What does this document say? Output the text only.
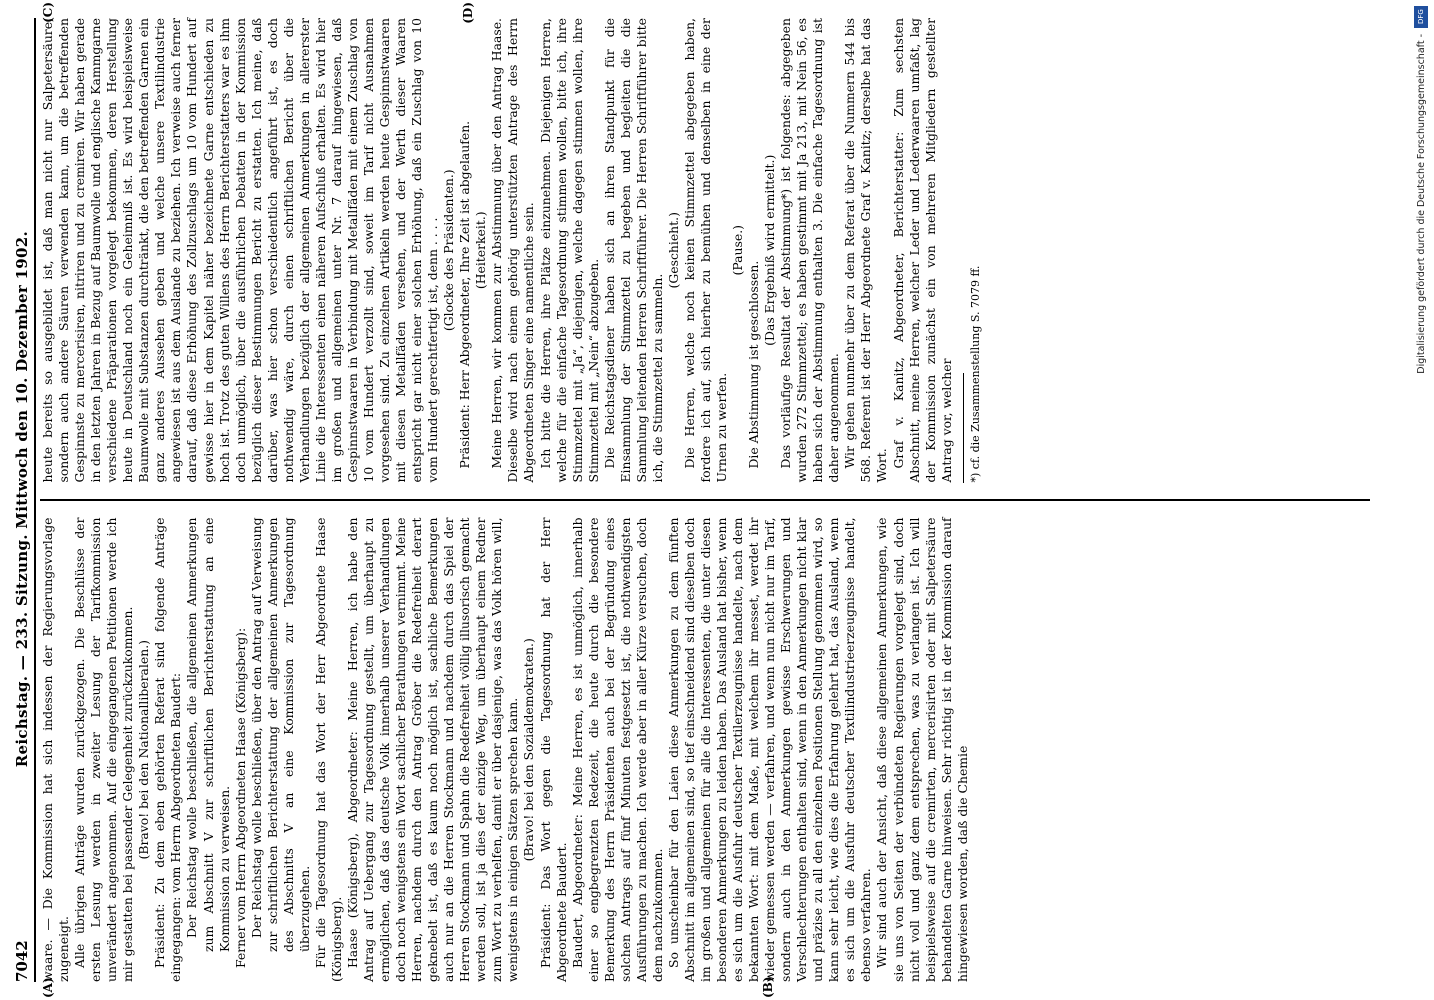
7042
Reichstag. — 233. Sitzung. Mittwoch den 10. Dezember 1902.
(A)	(B)

waare. — Die Kommission hat sich indessen der Regierungsvorlage zugeneigt. Alle übrigen Anträge wurden zurückgezogen. Die Beschlüsse der ersten Lesung werden in zweiter Lesung der Tarifkommission unverändert angenommen. Auf die eingegangenen Petitionen werde ich mir gestatten bei passender Gelegenheit zurückzukommen. (Bravo! bei den Nationalliberalen.) Präsident: Zu dem eben gehörten Referat sind folgende Anträge eingegangen: vom Herrn Abgeordneten Baudert: Der Reichstag wolle beschließen, die allgemeinen Anmerkungen zum Abschnitt V zur schriftlichen Berichterstattung an eine Kommission zu verweisen. Ferner vom Herrn Abgeordneten Haase (Königsberg): Der Reichstag wolle beschließen, über den Antrag auf Verweisung zur schriftlichen Berichterstattung der allgemeinen Anmerkungen des Abschnitts V an eine Kommission zur Tagesordnung überzugehen. Für die Tagesordnung hat das Wort der Herr Abgeordnete Haase (Königsberg). Haase (Königsberg), Abgeordneter: Meine Herren, ich habe den Antrag auf Uebergang zur Tagesordnung gestellt, um überhaupt zu ermöglichen, daß das deutsche Volk innerhalb unserer Verhandlungen doch noch wenigstens ein Wort sachlicher Berathungen vernimmt. Meine Herren, nachdem durch den Antrag Gröber die Redefreiheit derart geknebelt ist, daß es kaum noch möglich ist, sachliche Bemerkungen auch nur an die Herren Stockmann und nachdem durch das Spiel der Herren Stockmann und Spahn die Redefreiheit völlig illusorisch gemacht werden soll, ist ja dies der einzige Weg, um überhaupt einem Redner zum Wort zu verhelfen, damit er über dasjenige, was das Volk hören will, wenigstens in einigen Sätzen sprechen kann. (Bravo! bei den Sozialdemokraten.) Präsident: Das Wort gegen die Tagesordnung hat der Herr Abgeordnete Baudert. Baudert, Abgeordneter: Meine Herren, es ist unmöglich, innerhalb einer so engbegrenzten Redezeit, die heute durch die besondere Bemerkung des Herrn Präsidenten auch bei der Begründung eines solchen Antrags auf fünf Minuten festgesetzt ist, die nothwendigsten Ausführungen zu machen. Ich werde aber in aller Kürze versuchen, doch dem nachzukommen. So unscheinbar für den Laien diese Anmerkungen zu dem fünften Abschnitt im allgemeinen sind, so tief einschneidend sind dieselben doch im großen und allgemeinen für alle die Interessenten, die unter diesen besonderen Anmerkungen zu leiden haben. Das Ausland hat bisher, wenn es sich um die Ausfuhr deutscher Textilerzeugnisse handelte, nach dem bekannten Wort: mit dem Maße, mit welchem ihr messet, werdet ihr wieder gemessen werden — verfahren, und wenn nun nicht nur im Tarif, sondern auch in den Anmerkungen gewisse Erschwerungen und Verschlechterungen enthalten sind, wenn in den Anmerkungen nicht klar und präzise zu all den einzelnen Positionen Stellung genommen wird, so kann sehr leicht, wie dies die Erfahrung gelehrt hat, das Ausland, wenn es sich um die Ausfuhr deutscher Textilindustrieerzeugnisse handelt, ebenso verfahren. Wir sind auch der Ansicht, daß diese allgemeinen Anmerkungen, wie sie uns von Seiten der verbündeten Regierungen vorgelegt sind, doch nicht voll und ganz dem entsprechen, was zu verlangen ist. Ich will beispielsweise auf die cremirten, mercerisirten oder mit Salpetersäure behandelten Garne hinweisen. Sehr richtig ist in der Kommission darauf hingewiesen worden, daß die Chemie

(C)	(D)

heute bereits so ausgebildet ist, daß man nicht nur Salpetersäure, sondern auch andere Säuren verwenden kann, um die betreffenden Gespinnste zu mercerisiren, nitriren und zu cremiren. Wir haben gerade in den letzten Jahren in Bezug auf Baumwolle und englische Kammgarne verschiedene Präparationen vorgelegt bekommen, deren Herstellung heute in Deutschland noch ein Geheimniß ist. Es wird beispielsweise Baumwolle mit Substanzen durchtränkt, die den betreffenden Garnen ein ganz anderes Aussehen geben und welche unsere Textilindustrie angewiesen ist aus dem Auslande zu beziehen. Ich verweise auch ferner darauf, daß diese Erhöhung des Zollzuschlags um 10 vom Hundert auf gewisse hier in dem Kapitel näher bezeichnete Garne entschieden zu hoch ist. Trotz des guten Willens des Herrn Berichterstatters war es ihm doch unmöglich, über die ausführlichen Debatten in der Kommission bezüglich dieser Bestimmungen Bericht zu erstatten. Ich meine, daß darüber, was hier schon verschiedentlich angeführt ist, es doch nothwendig wäre, durch einen schriftlichen Bericht über die Verhandlungen bezüglich der allgemeinen Anmerkungen in allererster Linie die Interessenten einen näheren Aufschluß erhalten. Es wird hier im großen und allgemeinen unter Nr. 7 darauf hingewiesen, daß Gespinnstwaaren in Verbindung mit Metallfäden mit einem Zuschlag von 10 vom Hundert verzollt sind, soweit im Tarif nicht Ausnahmen vorgesehen sind. Zu einzelnen Artikeln werden heute Gespinnstwaaren mit diesen Metallfäden versehen, und der Werth dieser Waaren entspricht gar nicht einer solchen Erhöhung, daß ein Zuschlag von 10 vom Hundert gerechtfertigt ist, denn . . . . (Glocke des Präsidenten.) Präsident: Herr Abgeordneter, Ihre Zeit ist abgelaufen. (Heiterkeit.) Meine Herren, wir kommen zur Abstimmung über den Antrag Haase. Dieselbe wird nach einem gehörig unterstützten Antrage des Herrn Abgeordneten Singer eine namentliche sein. Ich bitte die Herren, ihre Plätze einzunehmen. Diejenigen Herren, welche für die einfache Tagesordnung stimmen wollen, bitte ich, ihre Stimmzettel mit „Ja“, diejenigen, welche dagegen stimmen wollen, ihre Stimmzettel mit „Nein“ abzugeben. Die Reichstagsdiener haben sich an ihren Standpunkt für die Einsammlung der Stimmzettel zu begeben und begleiten die die Sammlung leitenden Herren Schriftführer. Die Herren Schriftführer bitte ich, die Stimmzettel zu sammeln.

(Geschieht.) Die Herren, welche noch keinen Stimmzettel abgegeben haben, fordere ich auf, sich hierher zu bemühen und denselben in eine der Urnen zu werfen.

(Pause.)

Die Abstimmung ist geschlossen.

(Das Ergebniß wird ermittelt.) Das vorläufige Resultat der Abstimmung*) ist folgendes: abgegeben wurden 272 Stimmzettel; es haben gestimmt mit Ja 213, mit Nein 56, es haben sich der Abstimmung enthalten 3. Die einfache Tagesordnung ist daher angenommen. Wir gehen nunmehr über zu dem Referat über die Nummern 544 bis 568. Referent ist der Herr Abgeordnete Graf v. Kanitz; derselbe hat das Wort. Graf v. Kanitz, Abgeordneter, Berichterstatter: Zum sechsten Abschnitt, meine Herren, welcher Leder und Lederwaaren umfaßt, lag der Kommission zunächst ein von mehreren Mitgliedern gestellter Antrag vor, welcher *) cf. die Zusammenstellung S. 7079 ff.

DFG
Digitalisierung gefördert durch die Deutsche Forschungsgemeinschaft -
